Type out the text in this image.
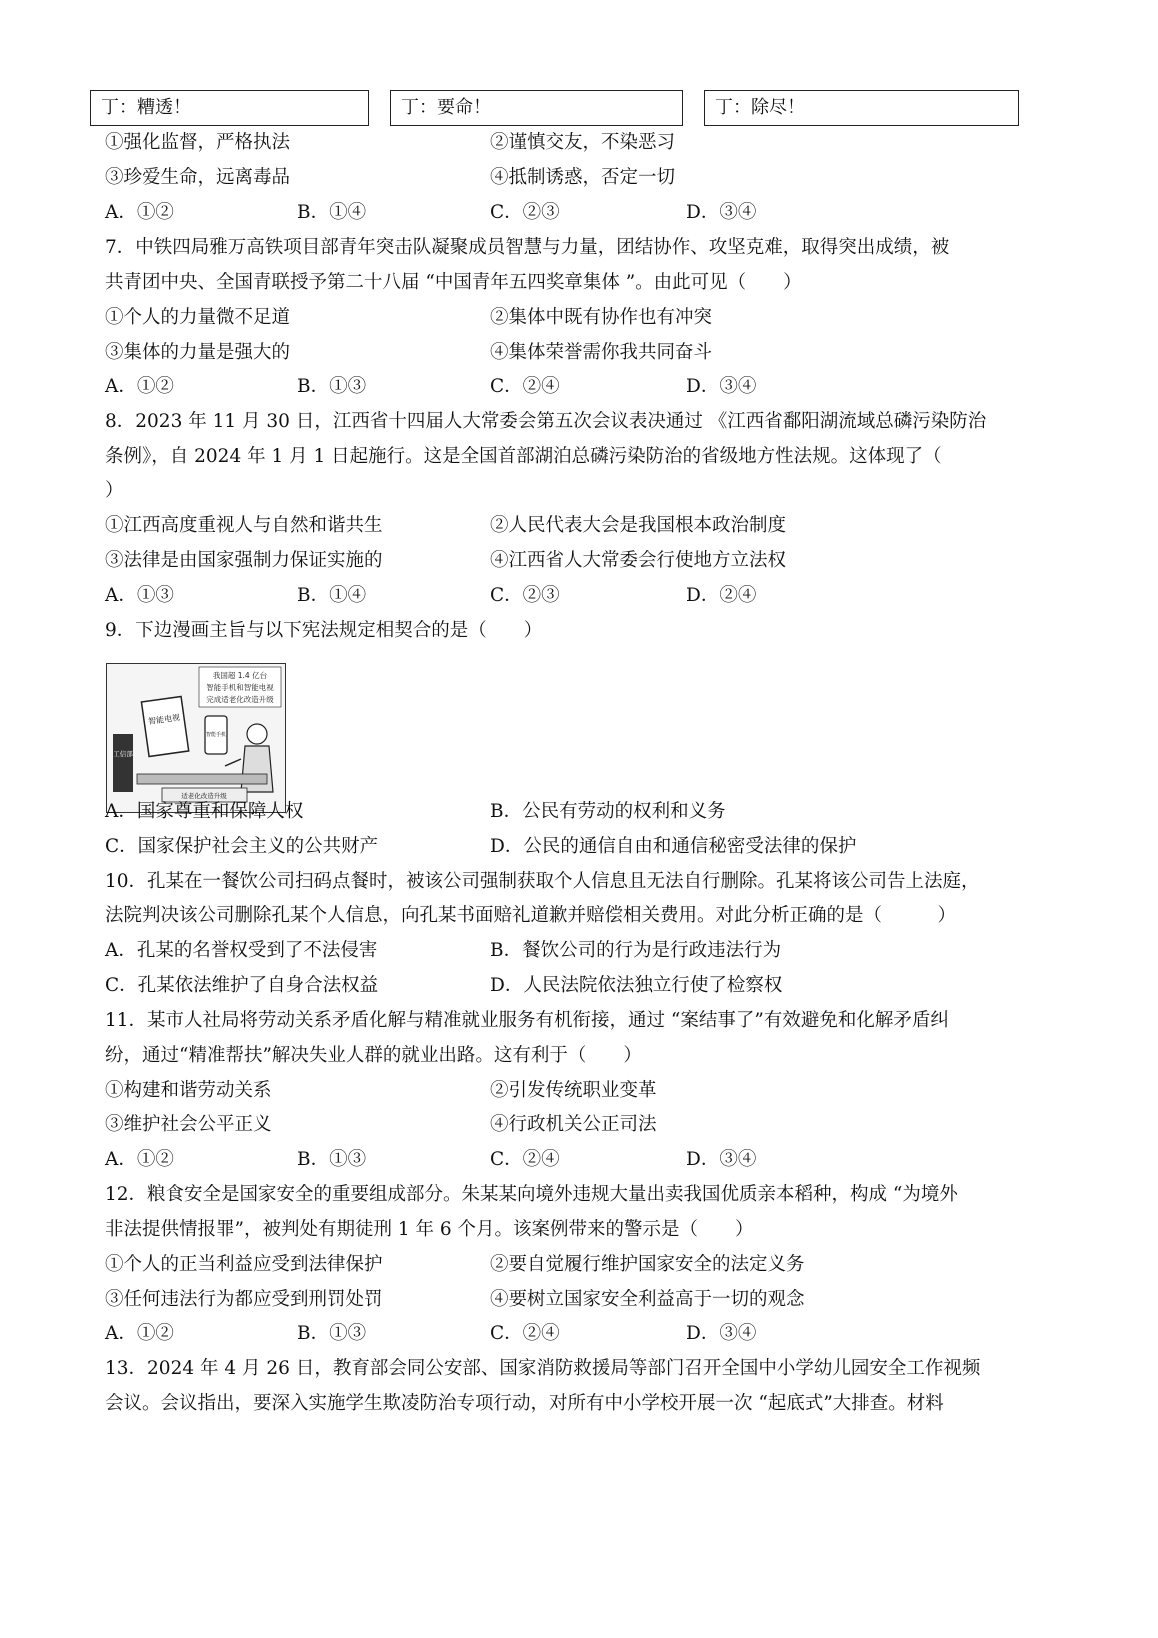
丁：糟透！	丁：要命！	丁：除尽！
①强化监督，严格执法	②谨慎交友，不染恶习
③珍爱生命，远离毒品	④抵制诱惑，否定一切
A．①②	B．①④	C．②③	D．③④
7．中铁四局雅万高铁项目部青年突击队凝聚成员智慧与力量，团结协作、攻坚克难，取得突出成绩，被
共青团中央、全国青联授予第二十八届 “中国青年五四奖章集体 ”。由此可见（　　）
①个人的力量微不足道	②集体中既有协作也有冲突
③集体的力量是强大的	④集体荣誉需你我共同奋斗
A．①②	B．①③	C．②④	D．③④
8．2023 年 11 月 30 日，江西省十四届人大常委会第五次会议表决通过 《江西省鄱阳湖流域总磷污染防治
条例》，自 2024 年 1 月 1 日起施行。这是全国首部湖泊总磷污染防治的省级地方性法规。这体现了（
）
①江西高度重视人与自然和谐共生	②人民代表大会是我国根本政治制度
③法律是由国家强制力保证实施的	④江西省人大常委会行使地方立法权
A．①③	B．①④	C．②③	D．②④
9．下边漫画主旨与以下宪法规定相契合的是（　　）
我国超 1.4 亿台
智能手机和智能电视
完成适老化改造升级
智能电视
智能手机
工信部
适老化改造升级
A．国家尊重和保障人权	B．公民有劳动的权利和义务
C．国家保护社会主义的公共财产	D．公民的通信自由和通信秘密受法律的保护
10．孔某在一餐饮公司扫码点餐时，被该公司强制获取个人信息且无法自行删除。孔某将该公司告上法庭，
法院判决该公司删除孔某个人信息，向孔某书面赔礼道歉并赔偿相关费用。对此分析正确的是（　　　）
A．孔某的名誉权受到了不法侵害	B．餐饮公司的行为是行政违法行为
C．孔某依法维护了自身合法权益	D．人民法院依法独立行使了检察权
11．某市人社局将劳动关系矛盾化解与精准就业服务有机衔接，通过 “案结事了”有效避免和化解矛盾纠
纷，通过“精准帮扶”解决失业人群的就业出路。这有利于（　　）
①构建和谐劳动关系	②引发传统职业变革
③维护社会公平正义	④行政机关公正司法
A．①②	B．①③	C．②④	D．③④
12．粮食安全是国家安全的重要组成部分。朱某某向境外违规大量出卖我国优质亲本稻种，构成 “为境外
非法提供情报罪”，被判处有期徒刑 1 年 6 个月。该案例带来的警示是（　　）
①个人的正当利益应受到法律保护	②要自觉履行维护国家安全的法定义务
③任何违法行为都应受到刑罚处罚	④要树立国家安全利益高于一切的观念
A．①②	B．①③	C．②④	D．③④
13．2024 年 4 月 26 日，教育部会同公安部、国家消防救援局等部门召开全国中小学幼儿园安全工作视频
会议。会议指出，要深入实施学生欺凌防治专项行动，对所有中小学校开展一次 “起底式”大排查。材料
